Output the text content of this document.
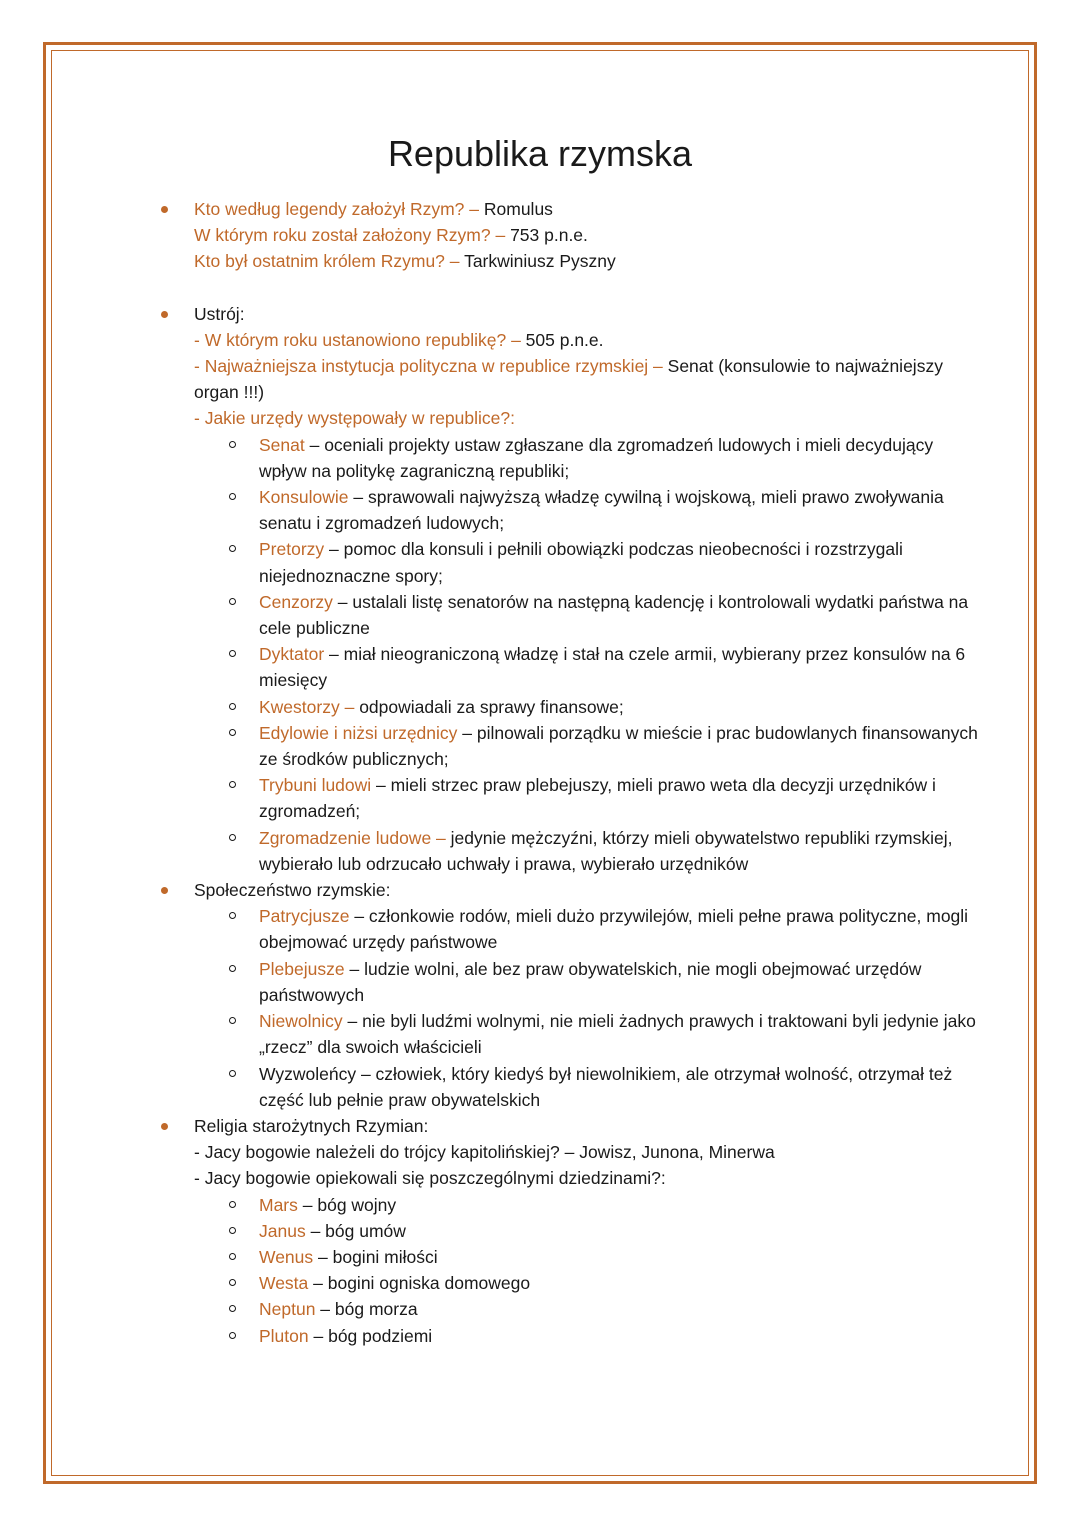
Republika rzymska
Kto według legendy założył Rzym? – Romulus
W którym roku został założony Rzym? – 753 p.n.e.
Kto był ostatnim królem Rzymu? – Tarkwiniusz Pyszny
Ustrój:
- W którym roku ustanowiono republikę? – 505 p.n.e.
- Najważniejsza instytucja polityczna w republice rzymskiej – Senat (konsulowie to najważniejszy organ !!!)
- Jakie urzędy występowały w republice?:
Senat – oceniali projekty ustaw zgłaszane dla zgromadzeń ludowych i mieli decydujący wpływ na politykę zagraniczną republiki;
Konsulowie – sprawowali najwyższą władzę cywilną i wojskową, mieli prawo zwoływania senatu i zgromadzeń ludowych;
Pretorzy – pomoc dla konsuli i pełnili obowiązki podczas nieobecności i rozstrzygali niejednoznaczne spory;
Cenzorzy – ustalali listę senatorów na następną kadencję i kontrolowali wydatki państwa na cele publiczne
Dyktator – miał nieograniczoną władzę i stał na czele armii, wybierany przez konsulów na 6 miesięcy
Kwestorzy – odpowiadali za sprawy finansowe;
Edylowie i niżsi urzędnicy – pilnowali porządku w mieście i prac budowlanych finansowanych ze środków publicznych;
Trybuni ludowi – mieli strzec praw plebejuszy, mieli prawo weta dla decyzji urzędników i zgromadzeń;
Zgromadzenie ludowe – jedynie mężczyźni, którzy mieli obywatelstwo republiki rzymskiej, wybierało lub odrzucało uchwały i prawa, wybierało urzędników
Społeczeństwo rzymskie:
Patrycjusze – członkowie rodów, mieli dużo przywilejów, mieli pełne prawa polityczne, mogli obejmować urzędy państwowe
Plebejusze – ludzie wolni, ale bez praw obywatelskich, nie mogli obejmować urzędów państwowych
Niewolnicy – nie byli ludźmi wolnymi, nie mieli żadnych prawych i traktowani byli jedynie jako „rzecz” dla swoich właścicieli
Wyzwoleńcy – człowiek, który kiedyś był niewolnikiem, ale otrzymał wolność, otrzymał też część lub pełnie praw obywatelskich
Religia starożytnych Rzymian:
- Jacy bogowie należeli do trójcy kapitolińskiej? – Jowisz, Junona, Minerwa
- Jacy bogowie opiekowali się poszczególnymi dziedzinami?:
Mars – bóg wojny
Janus – bóg umów
Wenus – bogini miłości
Westa – bogini ogniska domowego
Neptun – bóg morza
Pluton – bóg podziemi
